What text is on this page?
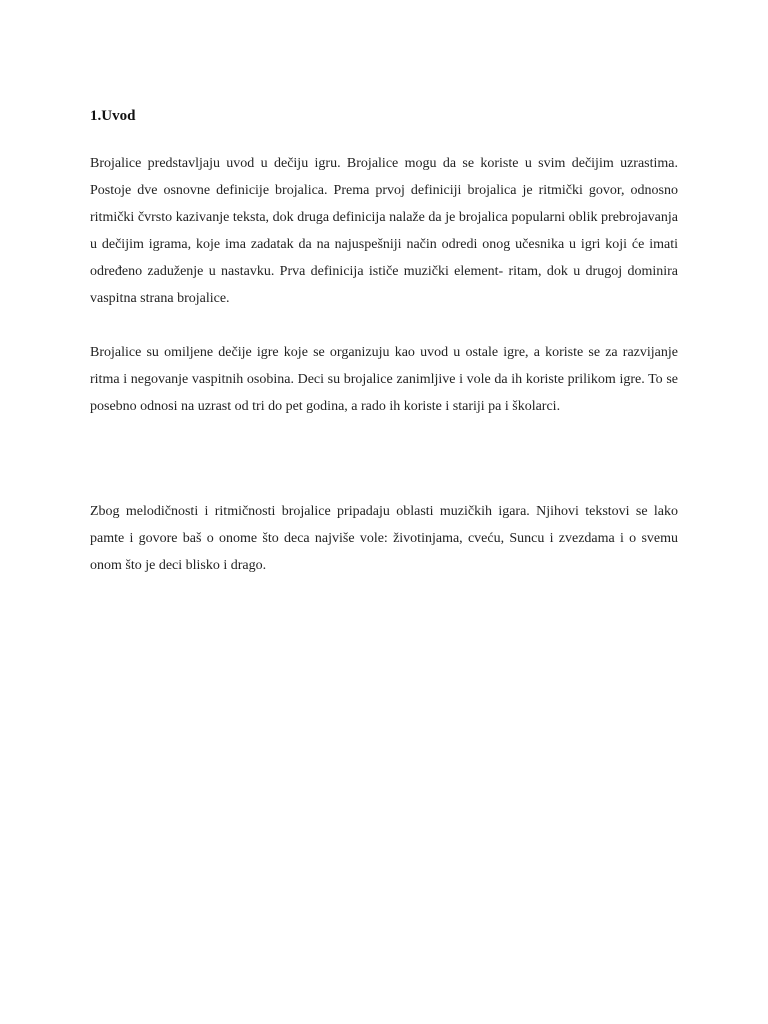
1.Uvod

Brojalice predstavljaju uvod u dečiju igru. Brojalice mogu da se koriste u svim dečijim uzrastima. Postoje dve osnovne definicije brojalica. Prema prvoj definiciji brojalica je ritmički govor, odnosno ritmički čvrsto kazivanje teksta, dok druga definicija nalaže da je brojalica popularni oblik prebrojavanja u dečijim igrama, koje ima zadatak da na najuspešniji način odredi onog učesnika u igri koji će imati određeno zaduženje u nastavku. Prva definicija ističe muzički element- ritam, dok u drugoj dominira vaspitna strana brojalice.

Brojalice su omiljene dečije igre koje se organizuju kao uvod u ostale igre, a koriste se za razvijanje ritma i negovanje vaspitnih osobina. Deci su brojalice zanimljive i vole da ih koriste prilikom igre. To se posebno odnosi na uzrast od tri do pet godina, a rado ih koriste i stariji pa i školarci.

Zbog melodičnosti i ritmičnosti brojalice pripadaju oblasti muzičkih igara. Njihovi tekstovi se lako pamte i govore baš o onome što deca najviše vole: životinjama, cveću, Suncu i zvezdama i o svemu onom što je deci blisko i drago.
